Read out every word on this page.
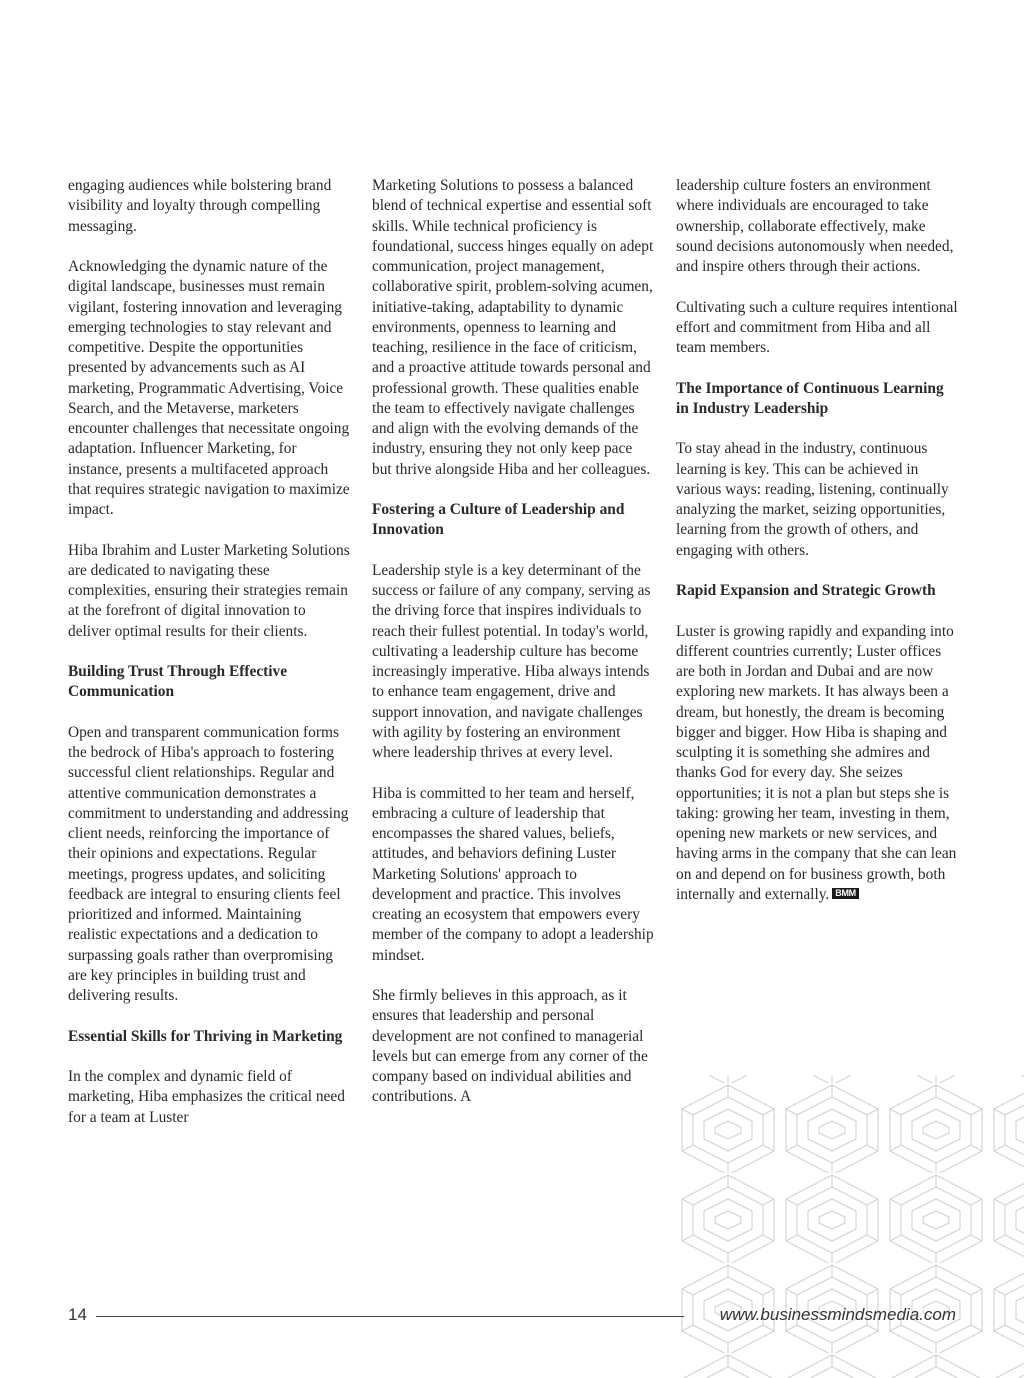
engaging audiences while bolstering brand visibility and loyalty through compelling messaging.

Acknowledging the dynamic nature of the digital landscape, businesses must remain vigilant, fostering innovation and leveraging emerging technologies to stay relevant and competitive. Despite the opportunities presented by advancements such as AI marketing, Programmatic Advertising, Voice Search, and the Metaverse, marketers encounter challenges that necessitate ongoing adaptation. Influencer Marketing, for instance, presents a multifaceted approach that requires strategic navigation to maximize impact.

Hiba Ibrahim and Luster Marketing Solutions are dedicated to navigating these complexities, ensuring their strategies remain at the forefront of digital innovation to deliver optimal results for their clients.

Building Trust Through Effective Communication

Open and transparent communication forms the bedrock of Hiba's approach to fostering successful client relationships. Regular and attentive communication demonstrates a commitment to understanding and addressing client needs, reinforcing the importance of their opinions and expectations. Regular meetings, progress updates, and soliciting feedback are integral to ensuring clients feel prioritized and informed. Maintaining realistic expectations and a dedication to surpassing goals rather than overpromising are key principles in building trust and delivering results.

Essential Skills for Thriving in Marketing

In the complex and dynamic field of marketing, Hiba emphasizes the critical need for a team at Luster

Marketing Solutions to possess a balanced blend of technical expertise and essential soft skills. While technical proficiency is foundational, success hinges equally on adept communication, project management, collaborative spirit, problem-solving acumen, initiative-taking, adaptability to dynamic environments, openness to learning and teaching, resilience in the face of criticism, and a proactive attitude towards personal and professional growth. These qualities enable the team to effectively navigate challenges and align with the evolving demands of the industry, ensuring they not only keep pace but thrive alongside Hiba and her colleagues.

Fostering a Culture of Leadership and Innovation

Leadership style is a key determinant of the success or failure of any company, serving as the driving force that inspires individuals to reach their fullest potential. In today's world, cultivating a leadership culture has become increasingly imperative. Hiba always intends to enhance team engagement, drive and support innovation, and navigate challenges with agility by fostering an environment where leadership thrives at every level.

Hiba is committed to her team and herself, embracing a culture of leadership that encompasses the shared values, beliefs, attitudes, and behaviors defining Luster Marketing Solutions' approach to development and practice. This involves creating an ecosystem that empowers every member of the company to adopt a leadership mindset.

She firmly believes in this approach, as it ensures that leadership and personal development are not confined to managerial levels but can emerge from any corner of the company based on individual abilities and contributions. A

leadership culture fosters an environment where individuals are encouraged to take ownership, collaborate effectively, make sound decisions autonomously when needed, and inspire others through their actions.

Cultivating such a culture requires intentional effort and commitment from Hiba and all team members.

The Importance of Continuous Learning in Industry Leadership

To stay ahead in the industry, continuous learning is key. This can be achieved in various ways: reading, listening, continually analyzing the market, seizing opportunities, learning from the growth of others, and engaging with others.

Rapid Expansion and Strategic Growth

Luster is growing rapidly and expanding into different countries currently; Luster offices are both in Jordan and Dubai and are now exploring new markets. It has always been a dream, but honestly, the dream is becoming bigger and bigger. How Hiba is shaping and sculpting it is something she admires and thanks God for every day. She seizes opportunities; it is not a plan but steps she is taking: growing her team, investing in them, opening new markets or new services, and having arms in the company that she can lean on and depend on for business growth, both internally and externally. BMM

14	www.businessmindsmedia.com
